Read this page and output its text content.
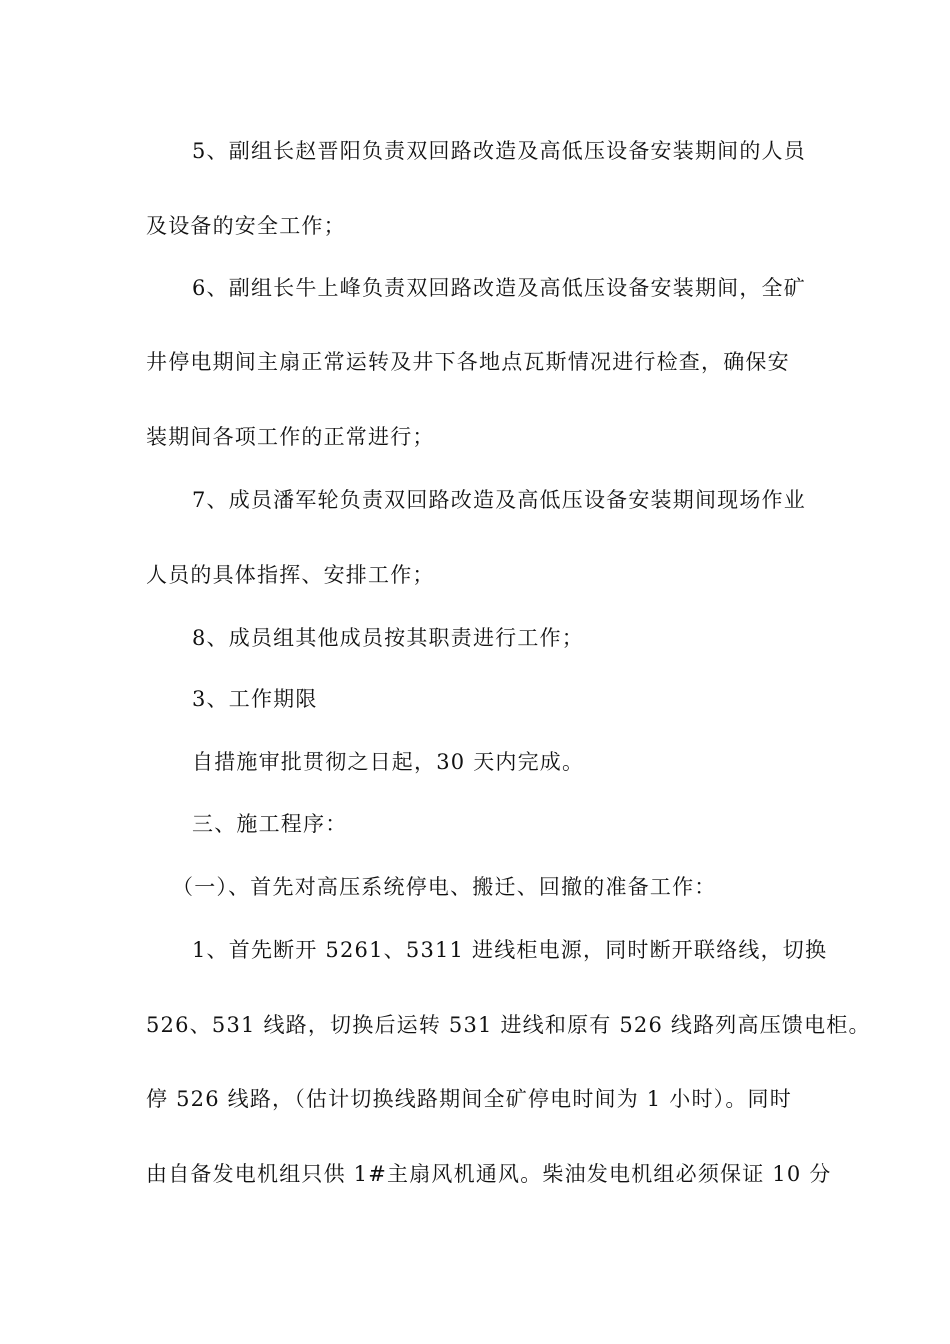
5、副组长赵晋阳负责双回路改造及高低压设备安装期间的人员
及设备的安全工作；
6、副组长牛上峰负责双回路改造及高低压设备安装期间，全矿
井停电期间主扇正常运转及井下各地点瓦斯情况进行检查，确保安
装期间各项工作的正常进行；
7、成员潘军轮负责双回路改造及高低压设备安装期间现场作业
人员的具体指挥、安排工作；
8、成员组其他成员按其职责进行工作；
3、工作期限
自措施审批贯彻之日起，30 天内完成。
三、施工程序：
（一）、首先对高压系统停电、搬迁、回撤的准备工作：
1、首先断开 5261、5311 进线柜电源，同时断开联络线，切换
526、531 线路，切换后运转 531 进线和原有 526 线路列高压馈电柜。
停 526 线路，（估计切换线路期间全矿停电时间为 1 小时）。同时
由自备发电机组只供 1#主扇风机通风。柴油发电机组必须保证 10 分
